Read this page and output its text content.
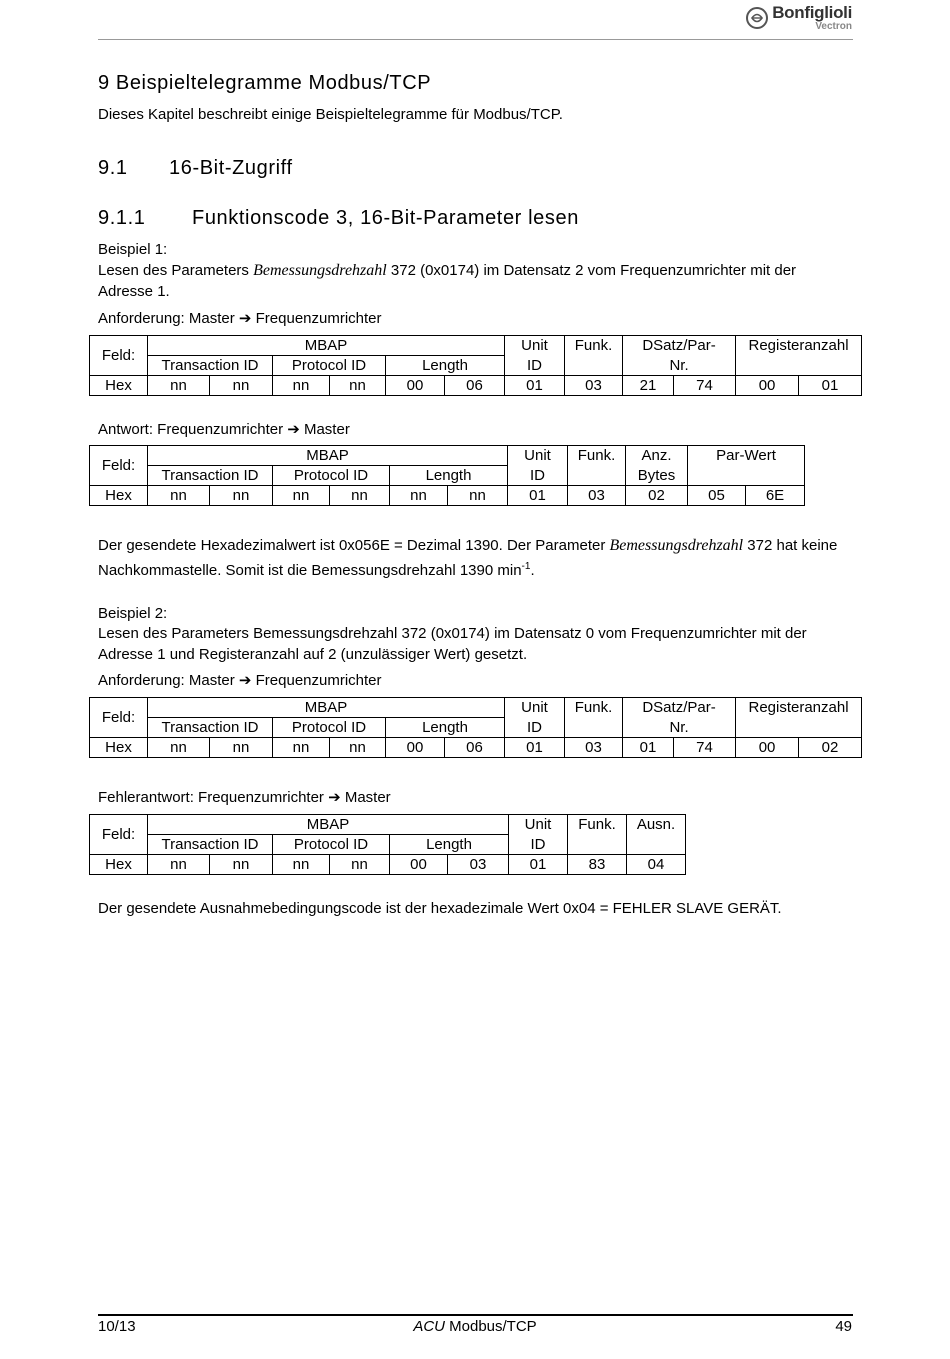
Bonfiglioli
Vectron
9 Beispieltelegramme Modbus/TCP
Dieses Kapitel beschreibt einige Beispieltelegramme für Modbus/TCP.
9.1 16-Bit-Zugriff
9.1.1 Funktionscode 3, 16-Bit-Parameter lesen
Beispiel 1:
Lesen des Parameters Bemessungsdrehzahl 372 (0x0174) im Datensatz 2 vom Frequenzumrichter mit der Adresse 1.
Anforderung: Master ➔ Frequenzumrichter
Feld:	MBAP						Unit	Funk.	DSatz/Par-		Registeranzahl	
	Transaction ID		Protocol ID		Length		ID		Nr.			
Hex	nn	nn	nn	nn	00	06	01	03	21	74	00	01
Antwort: Frequenzumrichter ➔ Master
Feld:	MBAP						Unit	Funk.	Anz.	Par-Wert	
	Transaction ID		Protocol ID		Length		ID		Bytes		
Hex	nn	nn	nn	nn	nn	nn	01	03	02	05	6E
Der gesendete Hexadezimalwert ist 0x056E = Dezimal 1390. Der Parameter Bemessungsdrehzahl 372 hat keine Nachkommastelle. Somit ist die Bemessungsdrehzahl 1390 $\min^{-1}$.
Beispiel 2:
Lesen des Parameters Bemessungsdrehzahl 372 (0x0174) im Datensatz 0 vom Frequenzumrichter mit der Adresse 1 und Registeranzahl auf 2 (unzulässiger Wert) gesetzt.
Anforderung: Master ➔ Frequenzumrichter
Feld:	MBAP						Unit	Funk.	DSatz/Par-		Registeranzahl	
	Transaction ID		Protocol ID		Length		ID		Nr.			
Hex	nn	nn	nn	nn	00	06	01	03	01	74	00	02
Fehlerantwort: Frequenzumrichter ➔ Master
Feld:	MBAP						Unit	Funk.	Ausn.
	Transaction ID		Protocol ID		Length		ID		
Hex	nn	nn	nn	nn	00	03	01	83	04
Der gesendete Ausnahmebedingungscode ist der hexadezimale Wert 0x04 = FEHLER SLAVE GERÄT.
10/13	ACU Modbus/TCP	49
